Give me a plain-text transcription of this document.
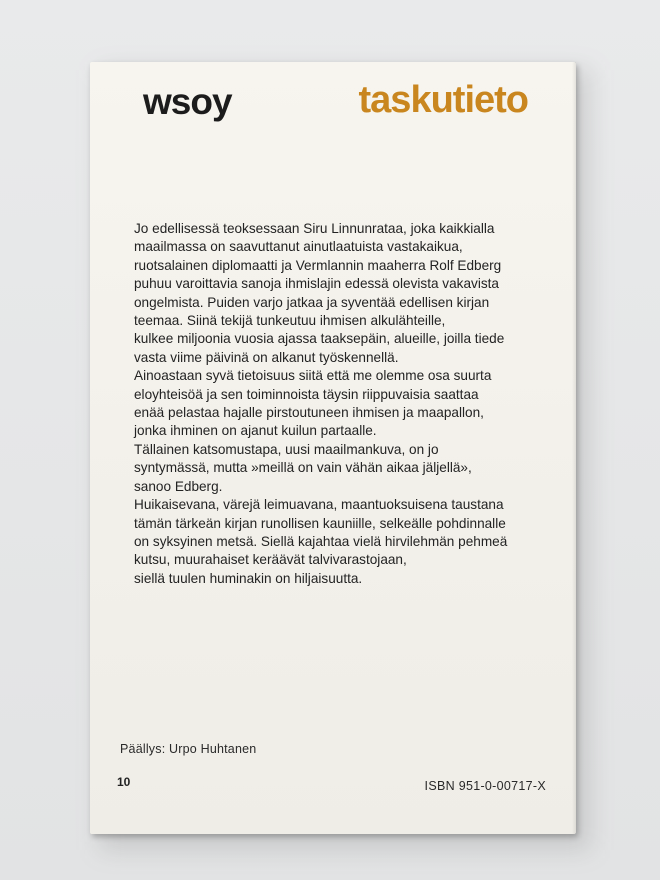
wsoy	taskutieto
Jo edellisessä teoksessaan Siru Linnunrataa, joka kaikkialla
maailmassa on saavuttanut ainutlaatuista vastakaikua,
ruotsalainen diplomaatti ja Vermlannin maaherra Rolf Edberg
puhuu varoittavia sanoja ihmislajin edessä olevista vakavista
ongelmista. Puiden varjo jatkaa ja syventää edellisen kirjan
teemaa. Siinä tekijä tunkeutuu ihmisen alkulähteille,
kulkee miljoonia vuosia ajassa taaksepäin, alueille, joilla tiede
vasta viime päivinä on alkanut työskennellä.
Ainoastaan syvä tietoisuus siitä että me olemme osa suurta
eloyhteisöä ja sen toiminnoista täysin riippuvaisia saattaa
enää pelastaa hajalle pirstoutuneen ihmisen ja maapallon,
jonka ihminen on ajanut kuilun partaalle.
Tällainen katsomustapa, uusi maailmankuva, on jo
syntymässä, mutta »meillä on vain vähän aikaa jäljellä»,
sanoo Edberg.
Huikaisevana, värejä leimuavana, maantuoksuisena taustana
tämän tärkeän kirjan runollisen kauniille, selkeälle pohdinnalle
on syksyinen metsä. Siellä kajahtaa vielä hirvilehmän pehmeä
kutsu, muurahaiset keräävät talvivarastojaan,
siellä tuulen huminakin on hiljaisuutta.
Päällys: Urpo Huhtanen
10	ISBN 951-0-00717-X
